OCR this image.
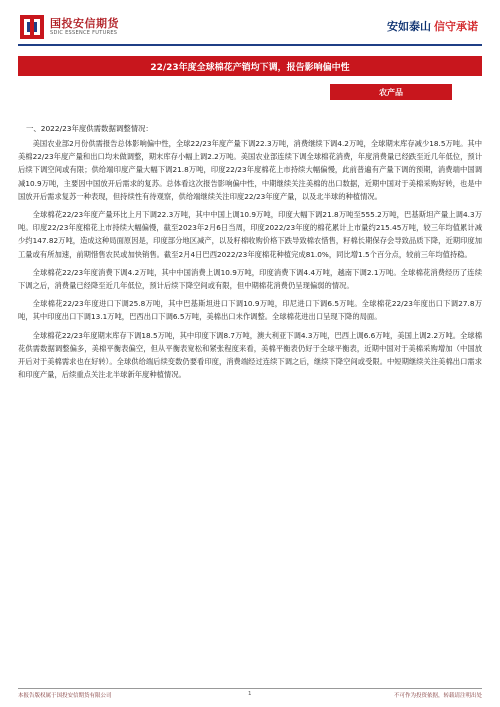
国投安信期货
SDIC ESSENCE FUTURES	安如泰山 信守承诺
22/23年度全球棉花产销均下调，报告影响偏中性
农产品
一、2022/23年度供需数据调整情况：

美国农业部2月份供需报告总体影响偏中性，全球22/23年度产量下调22.3万吨，消费继续下调4.2万吨，全球期末库存减少18.5万吨。其中美棉22/23年度产量和出口均未做调整，期末库存小幅上调2.2万吨。美国农业部连续下调全球棉花消费，年度消费量已经跌至近几年低位，预计后续下调空间或有限；供给端印度产量大幅下调21.8万吨，印度22/23年度棉花上市持续大幅偏慢，此前普遍有产量下调的预期，消费端中国调减10.9万吨，主要因中国放开后需求的复苏。总体看这次报告影响偏中性，中期继续关注美棉的出口数据，近期中国对于美棉采购好转，也是中国放开后需求复苏一种表现，但持续性有待观察，供给端继续关注印度22/23年度产量，以及北半球的种植情况。

全球棉花22/23年度产量环比上月下调22.3万吨，其中中国上调10.9万吨，印度大幅下调21.8万吨至555.2万吨，巴基斯坦产量上调4.3万吨。印度22/23年度棉花上市持续大幅偏慢，截至2023年2月6日当周，印度2022/23年度的棉花累计上市量约215.45万吨，较三年均值累计减少约147.82万吨，造成这种局面原因是，印度部分地区减产，以及籽棉收购价格下跌导致棉农惜售，籽棉长期保存会导致品质下降，近期印度加工量或有所加速，前期惜售农民或加快销售。截至2月4日巴西2022/23年度棉花种植完成81.0%，同比增1.5个百分点，较前三年均值持稳。

全球棉花22/23年度消费下调4.2万吨，其中中国消费上调10.9万吨，印度消费下调4.4万吨，越南下调2.1万吨。全球棉花消费经历了连续下调之后，消费量已经降至近几年低位，预计后续下降空间或有限，但中期棉花消费仍呈现偏弱的情况。

全球棉花22/23年度进口下调25.8万吨，其中巴基斯坦进口下调10.9万吨，印尼进口下调6.5万吨。全球棉花22/23年度出口下调27.8万吨，其中印度出口下调13.1万吨，巴西出口下调6.5万吨，美棉出口未作调整。全球棉花进出口呈现下降的局面。

全球棉花22/23年度期末库存下调18.5万吨，其中印度下调8.7万吨，澳大利亚下调4.3万吨，巴西上调6.6万吨，美国上调2.2万吨。全球棉花供需数据调整偏多，美棉平衡表偏空，但从平衡表宽松和紧张程度来看，美棉平衡表仍好于全球平衡表，近期中国对于美棉采购增加（中国放开后对于美棉需求也在好转）。全球供给端后续变数仍要看印度，消费端经过连续下调之后，继续下降空间或受限。中短期继续关注美棉出口需求和印度产量，后续重点关注北半球新年度种植情况。

本报告版权属于国投安信期货有限公司	1	不可作为投资依据，转载请注明出处
